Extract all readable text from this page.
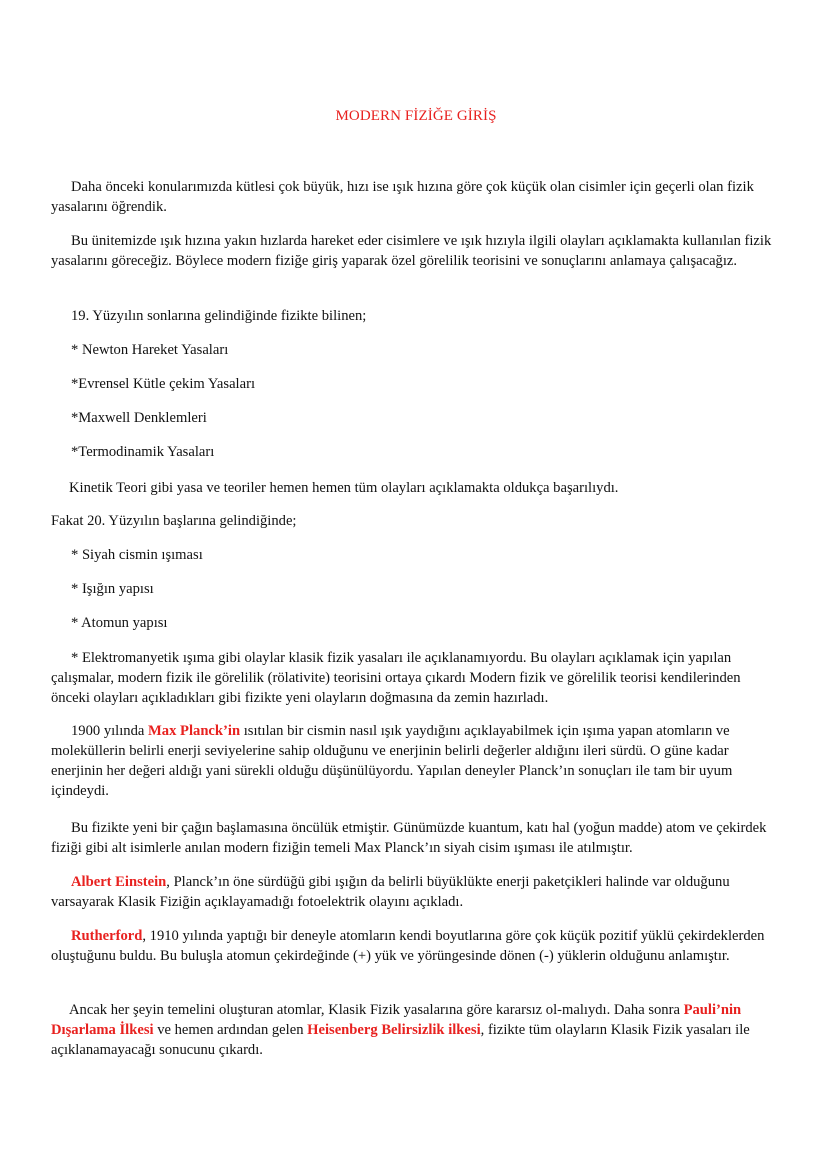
MODERN FİZİĞE GİRİŞ

Daha önceki konularımızda kütlesi çok büyük, hızı ise ışık hızına göre çok küçük olan cisimler için geçerli olan fizik yasalarını öğrendik.

Bu ünitemizde ışık hızına yakın hızlarda hareket eder cisimlere ve ışık hızıyla ilgili olayları açıklamakta kullanılan fizik yasalarını göreceğiz. Böylece modern fiziğe giriş yaparak özel görelilik teorisini ve sonuçlarını anlamaya çalışacağız.

19. Yüzyılın sonlarına gelindiğinde fizikte bilinen;

* Newton Hareket Yasaları
*Evrensel Kütle çekim Yasaları
*Maxwell Denklemleri
*Termodinamik Yasaları

Kinetik Teori gibi yasa ve teoriler hemen hemen tüm olayları açıklamakta oldukça başarılıydı.

Fakat 20. Yüzyılın başlarına gelindiğinde;

* Siyah cismin ışıması
* Işığın yapısı
* Atomun yapısı

* Elektromanyetik ışıma gibi olaylar klasik fizik yasaları ile açıklanamıyordu. Bu olayları açıklamak için yapılan çalışmalar, modern fizik ile görelilik (rölativite) teorisini ortaya çıkardı Modern fizik ve görelilik teorisi kendilerinden önceki olayları açıkladıkları gibi fizikte yeni olayların doğmasına da zemin hazırladı.

1900 yılında Max Planck’in ısıtılan bir cismin nasıl ışık yaydığını açıklayabilmek için ışıma yapan atomların ve moleküllerin belirli enerji seviyelerine sahip olduğunu ve enerjinin belirli değerler aldığını ileri sürdü. O güne kadar enerjinin her değeri aldığı yani sürekli olduğu düşünülüyordu. Yapılan deneyler Planck’ın sonuçları ile tam bir uyum içindeydi.

Bu fizikte yeni bir çağın başlamasına öncülük etmiştir. Günümüzde kuantum, katı hal (yoğun madde) atom ve çekirdek fiziği gibi alt isimlerle anılan modern fiziğin temeli Max Planck’ın siyah cisim ışıması ile atılmıştır.

Albert Einstein, Planck’ın öne sürdüğü gibi ışığın da belirli büyüklükte enerji paketçikleri halinde var olduğunu varsayarak Klasik Fiziğin açıklayamadığı fotoelektrik olayını açıkladı.

Rutherford, 1910 yılında yaptığı bir deneyle atomların kendi boyutlarına göre çok küçük pozitif yüklü çekirdeklerden oluştuğunu buldu. Bu buluşla atomun çekirdeğinde (+) yük ve yörüngesinde dönen (-) yüklerin olduğunu anlamıştır.

Ancak her şeyin temelini oluşturan atomlar, Klasik Fizik yasalarına göre kararsız ol-malıydı. Daha sonra Pauli’nin Dışarlama İlkesi ve hemen ardından gelen Heisenberg Belirsizlik ilkesi, fizikte tüm olayların Klasik Fizik yasaları ile açıklanamayacağı sonucunu çıkardı.
